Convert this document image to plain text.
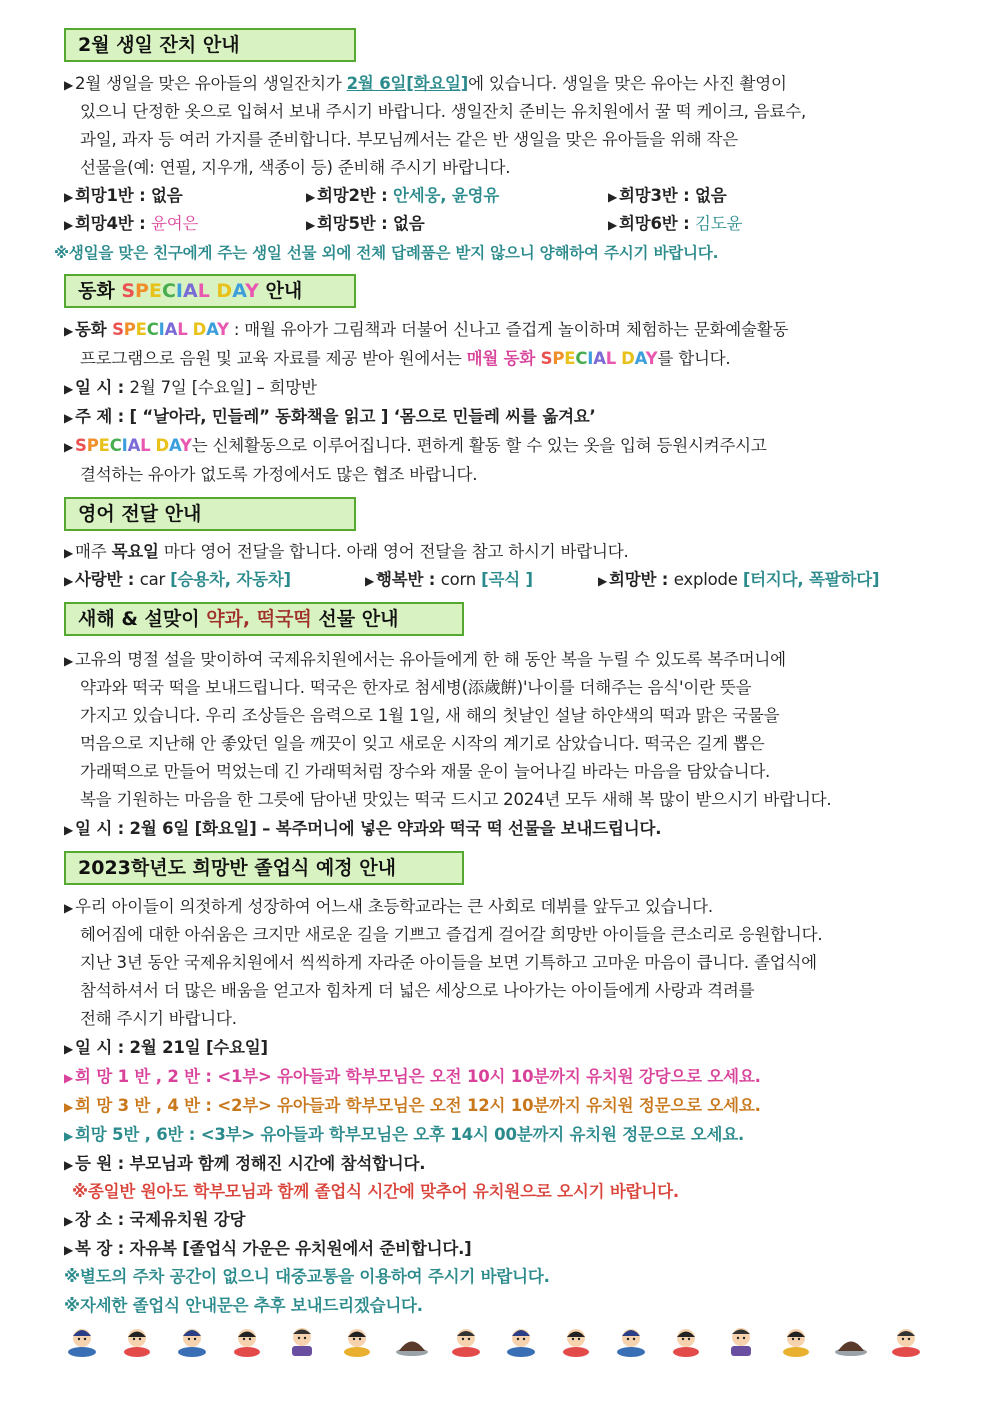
2월 생일 잔치 안내
▶ 2월 생일을 맞은 유아들의 생일잔치가 2월 6일[화요일]에 있습니다. 생일을 맞은 유아는 사진 촬영이
있으니 단정한 옷으로 입혀서 보내 주시기 바랍니다. 생일잔치 준비는 유치원에서 꿀 떡 케이크, 음료수,
과일, 과자 등 여러 가지를 준비합니다. 부모님께서는 같은 반 생일을 맞은 유아들을 위해 작은
선물을(예: 연필, 지우개, 색종이 등) 준비해 주시기 바랍니다.
▶ 희망1반 : 없음	▶ 희망2반 : 안세웅, 윤영유	▶ 희망3반 : 없음
▶ 희망4반 : 윤여은	▶ 희망5반 : 없음	▶ 희망6반 : 김도윤
※생일을 맞은 친구에게 주는 생일 선물 외에 전체 답례품은 받지 않으니 양해하여 주시기 바랍니다.
동화 SPECIAL DAY 안내
▶ 동화 SPECIAL DAY : 매월 유아가 그림책과 더불어 신나고 즐겁게 놀이하며 체험하는 문화예술활동
프로그램으로 음원 및 교육 자료를 제공 받아 원에서는 매월 동화 SPECIAL DAY를 합니다.
▶ 일 시 : 2월 7일 [수요일] – 희망반
▶ 주 제 : [ “날아라, 민들레” 동화책을 읽고 ] ‘몸으로 민들레 씨를 옮겨요’
▶ SPECIAL DAY는 신체활동으로 이루어집니다. 편하게 활동 할 수 있는 옷을 입혀 등원시켜주시고
결석하는 유아가 없도록 가정에서도 많은 협조 바랍니다.
영어 전달 안내
▶ 매주 목요일 마다 영어 전달을 합니다. 아래 영어 전달을 참고 하시기 바랍니다.
▶ 사랑반 : car [승용차, 자동차]	▶ 행복반 : corn [곡식 ]	▶ 희망반 : explode [터지다, 폭팔하다]
새해 & 설맞이 약과, 떡국떡 선물 안내
▶ 고유의 명절 설을 맞이하여 국제유치원에서는 유아들에게 한 해 동안 복을 누릴 수 있도록 복주머니에
약과와 떡국 떡을 보내드립니다. 떡국은 한자로 첨세병(添歲餠)'나이를 더해주는 음식'이란 뜻을
가지고 있습니다. 우리 조상들은 음력으로 1월 1일, 새 해의 첫날인 설날 하얀색의 떡과 맑은 국물을
먹음으로 지난해 안 좋았던 일을 깨끗이 잊고 새로운 시작의 계기로 삼았습니다. 떡국은 길게 뽑은
가래떡으로 만들어 먹었는데 긴 가래떡처럼 장수와 재물 운이 늘어나길 바라는 마음을 담았습니다.
복을 기원하는 마음을 한 그릇에 담아낸 맛있는 떡국 드시고 2024년 모두 새해 복 많이 받으시기 바랍니다.
▶ 일 시 : 2월 6일 [화요일] – 복주머니에 넣은 약과와 떡국 떡 선물을 보내드립니다.
2023학년도 희망반 졸업식 예정 안내
▶ 우리 아이들이 의젓하게 성장하여 어느새 초등학교라는 큰 사회로 데뷔를 앞두고 있습니다.
헤어짐에 대한 아쉬움은 크지만 새로운 길을 기쁘고 즐겁게 걸어갈 희망반 아이들을 큰소리로 응원합니다.
지난 3년 동안 국제유치원에서 씩씩하게 자라준 아이들을 보면 기특하고 고마운 마음이 큽니다. 졸업식에
참석하셔서 더 많은 배움을 얻고자 힘차게 더 넓은 세상으로 나아가는 아이들에게 사랑과 격려를
전해 주시기 바랍니다.
▶ 일 시 : 2월 21일 [수요일]
▶ 희 망 1 반 , 2 반 : <1부> 유아들과 학부모님은 오전 10시 10분까지 유치원 강당으로 오세요.
▶ 희 망 3 반 , 4 반 : <2부> 유아들과 학부모님은 오전 12시 10분까지 유치원 정문으로 오세요.
▶ 희망 5반 , 6반 : <3부> 유아들과 학부모님은 오후 14시 00분까지 유치원 정문으로 오세요.
▶ 등 원 : 부모님과 함께 정해진 시간에 참석합니다.
※종일반 원아도 학부모님과 함께 졸업식 시간에 맞추어 유치원으로 오시기 바랍니다.
▶ 장 소 : 국제유치원 강당
▶ 복 장 : 자유복 [졸업식 가운은 유치원에서 준비합니다.]
※별도의 주차 공간이 없으니 대중교통을 이용하여 주시기 바랍니다.
※자세한 졸업식 안내문은 추후 보내드리겠습니다.
